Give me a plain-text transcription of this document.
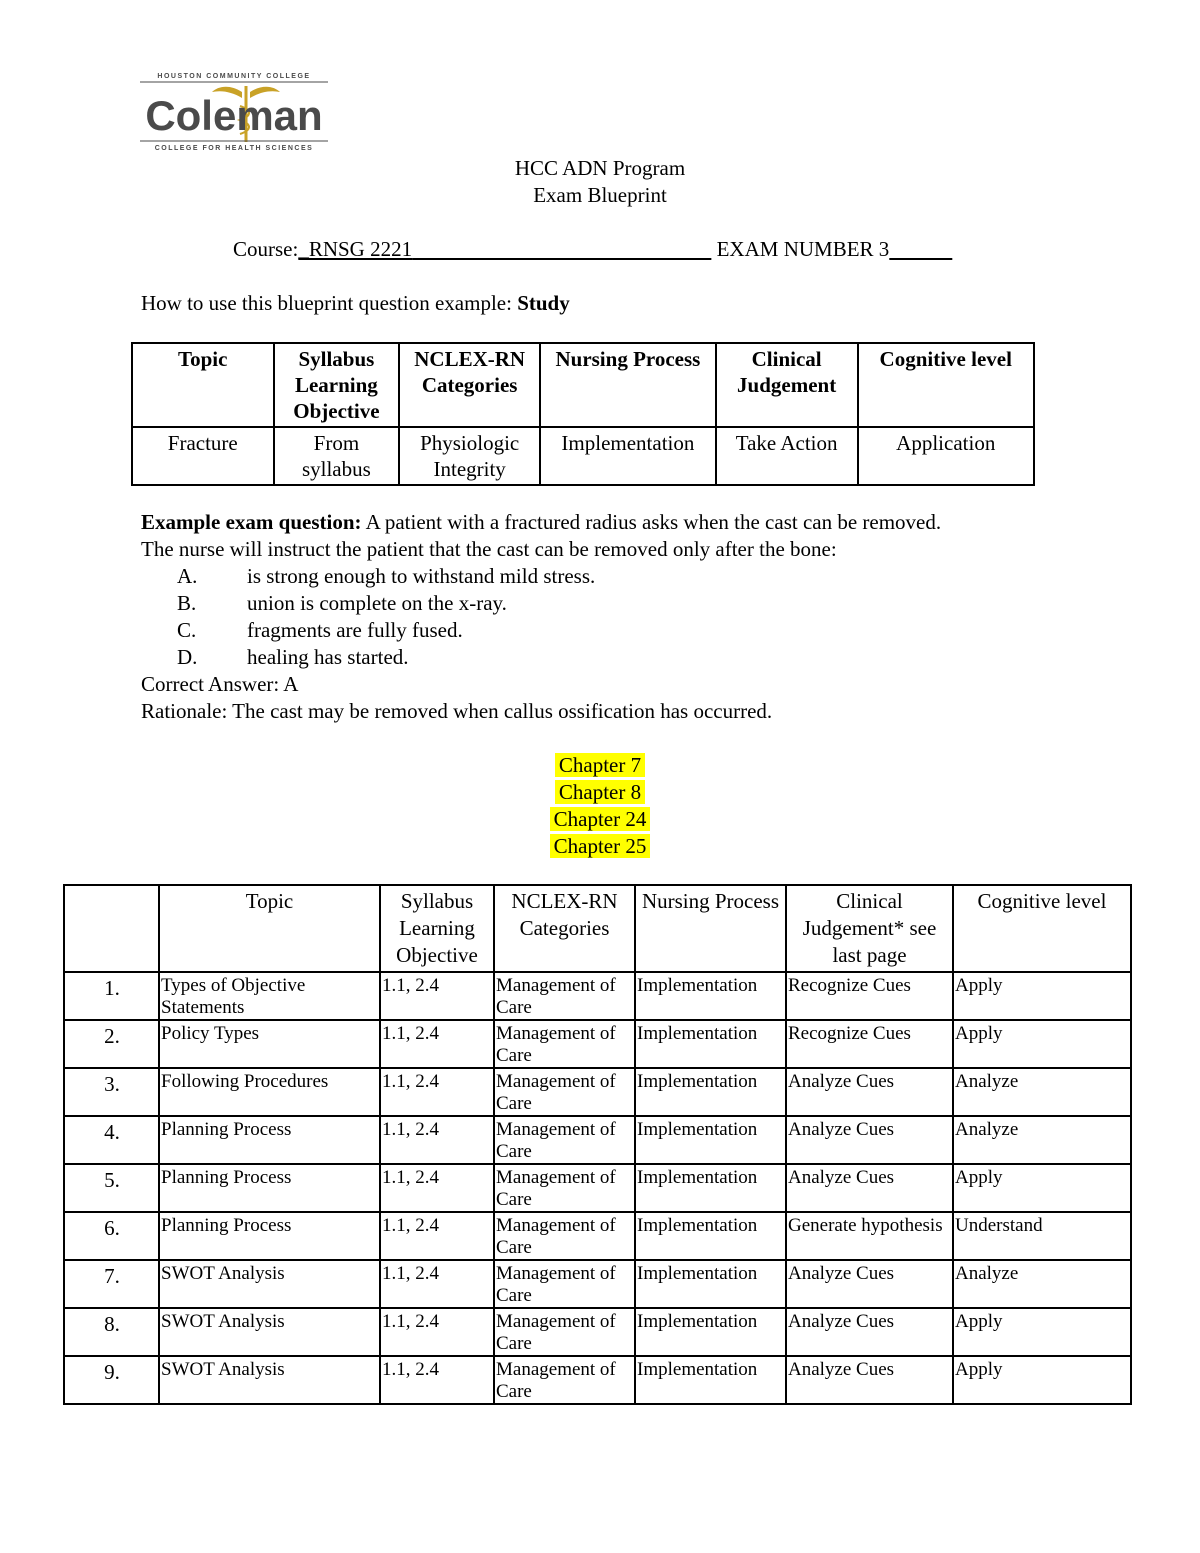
HOUSTON COMMUNITY COLLEGE
Coleman
COLLEGE FOR HEALTH SCIENCES
HCC ADN Program
Exam Blueprint
Course:_RNSG 2221	EXAM NUMBER 3
How to use this blueprint question example: Study
Topic	Syllabus Learning Objective	NCLEX-RN Categories	Nursing Process	Clinical Judgement	Cognitive level
Fracture	From syllabus	Physiologic Integrity	Implementation	Take Action	Application

Example exam question: A patient with a fractured radius asks when the cast can be removed.

The nurse will instruct the patient that the cast can be removed only after the bone:

A.	is strong enough to withstand mild stress.
B.	union is complete on the x-ray.
C.	fragments are fully fused.
D.	healing has started.

Correct Answer: A

Rationale: The cast may be removed when callus ossification has occurred.

Chapter 7
Chapter 8
Chapter 24
Chapter 25
	Topic	Syllabus Learning Objective	NCLEX-RN Categories	Nursing Process	Clinical Judgement* see last page	Cognitive level
1.	Types of Objective Statements	1.1, 2.4	Management of Care	Implementation	Recognize Cues	Apply
2.	Policy Types	1.1, 2.4	Management of Care	Implementation	Recognize Cues	Apply
3.	Following Procedures	1.1, 2.4	Management of Care	Implementation	Analyze Cues	Analyze
4.	Planning Process	1.1, 2.4	Management of Care	Implementation	Analyze Cues	Analyze
5.	Planning Process	1.1, 2.4	Management of Care	Implementation	Analyze Cues	Apply
6.	Planning Process	1.1, 2.4	Management of Care	Implementation	Generate hypothesis	Understand
7.	SWOT Analysis	1.1, 2.4	Management of Care	Implementation	Analyze Cues	Analyze
8.	SWOT Analysis	1.1, 2.4	Management of Care	Implementation	Analyze Cues	Apply
9.	SWOT Analysis	1.1, 2.4	Management of Care	Implementation	Analyze Cues	Apply
